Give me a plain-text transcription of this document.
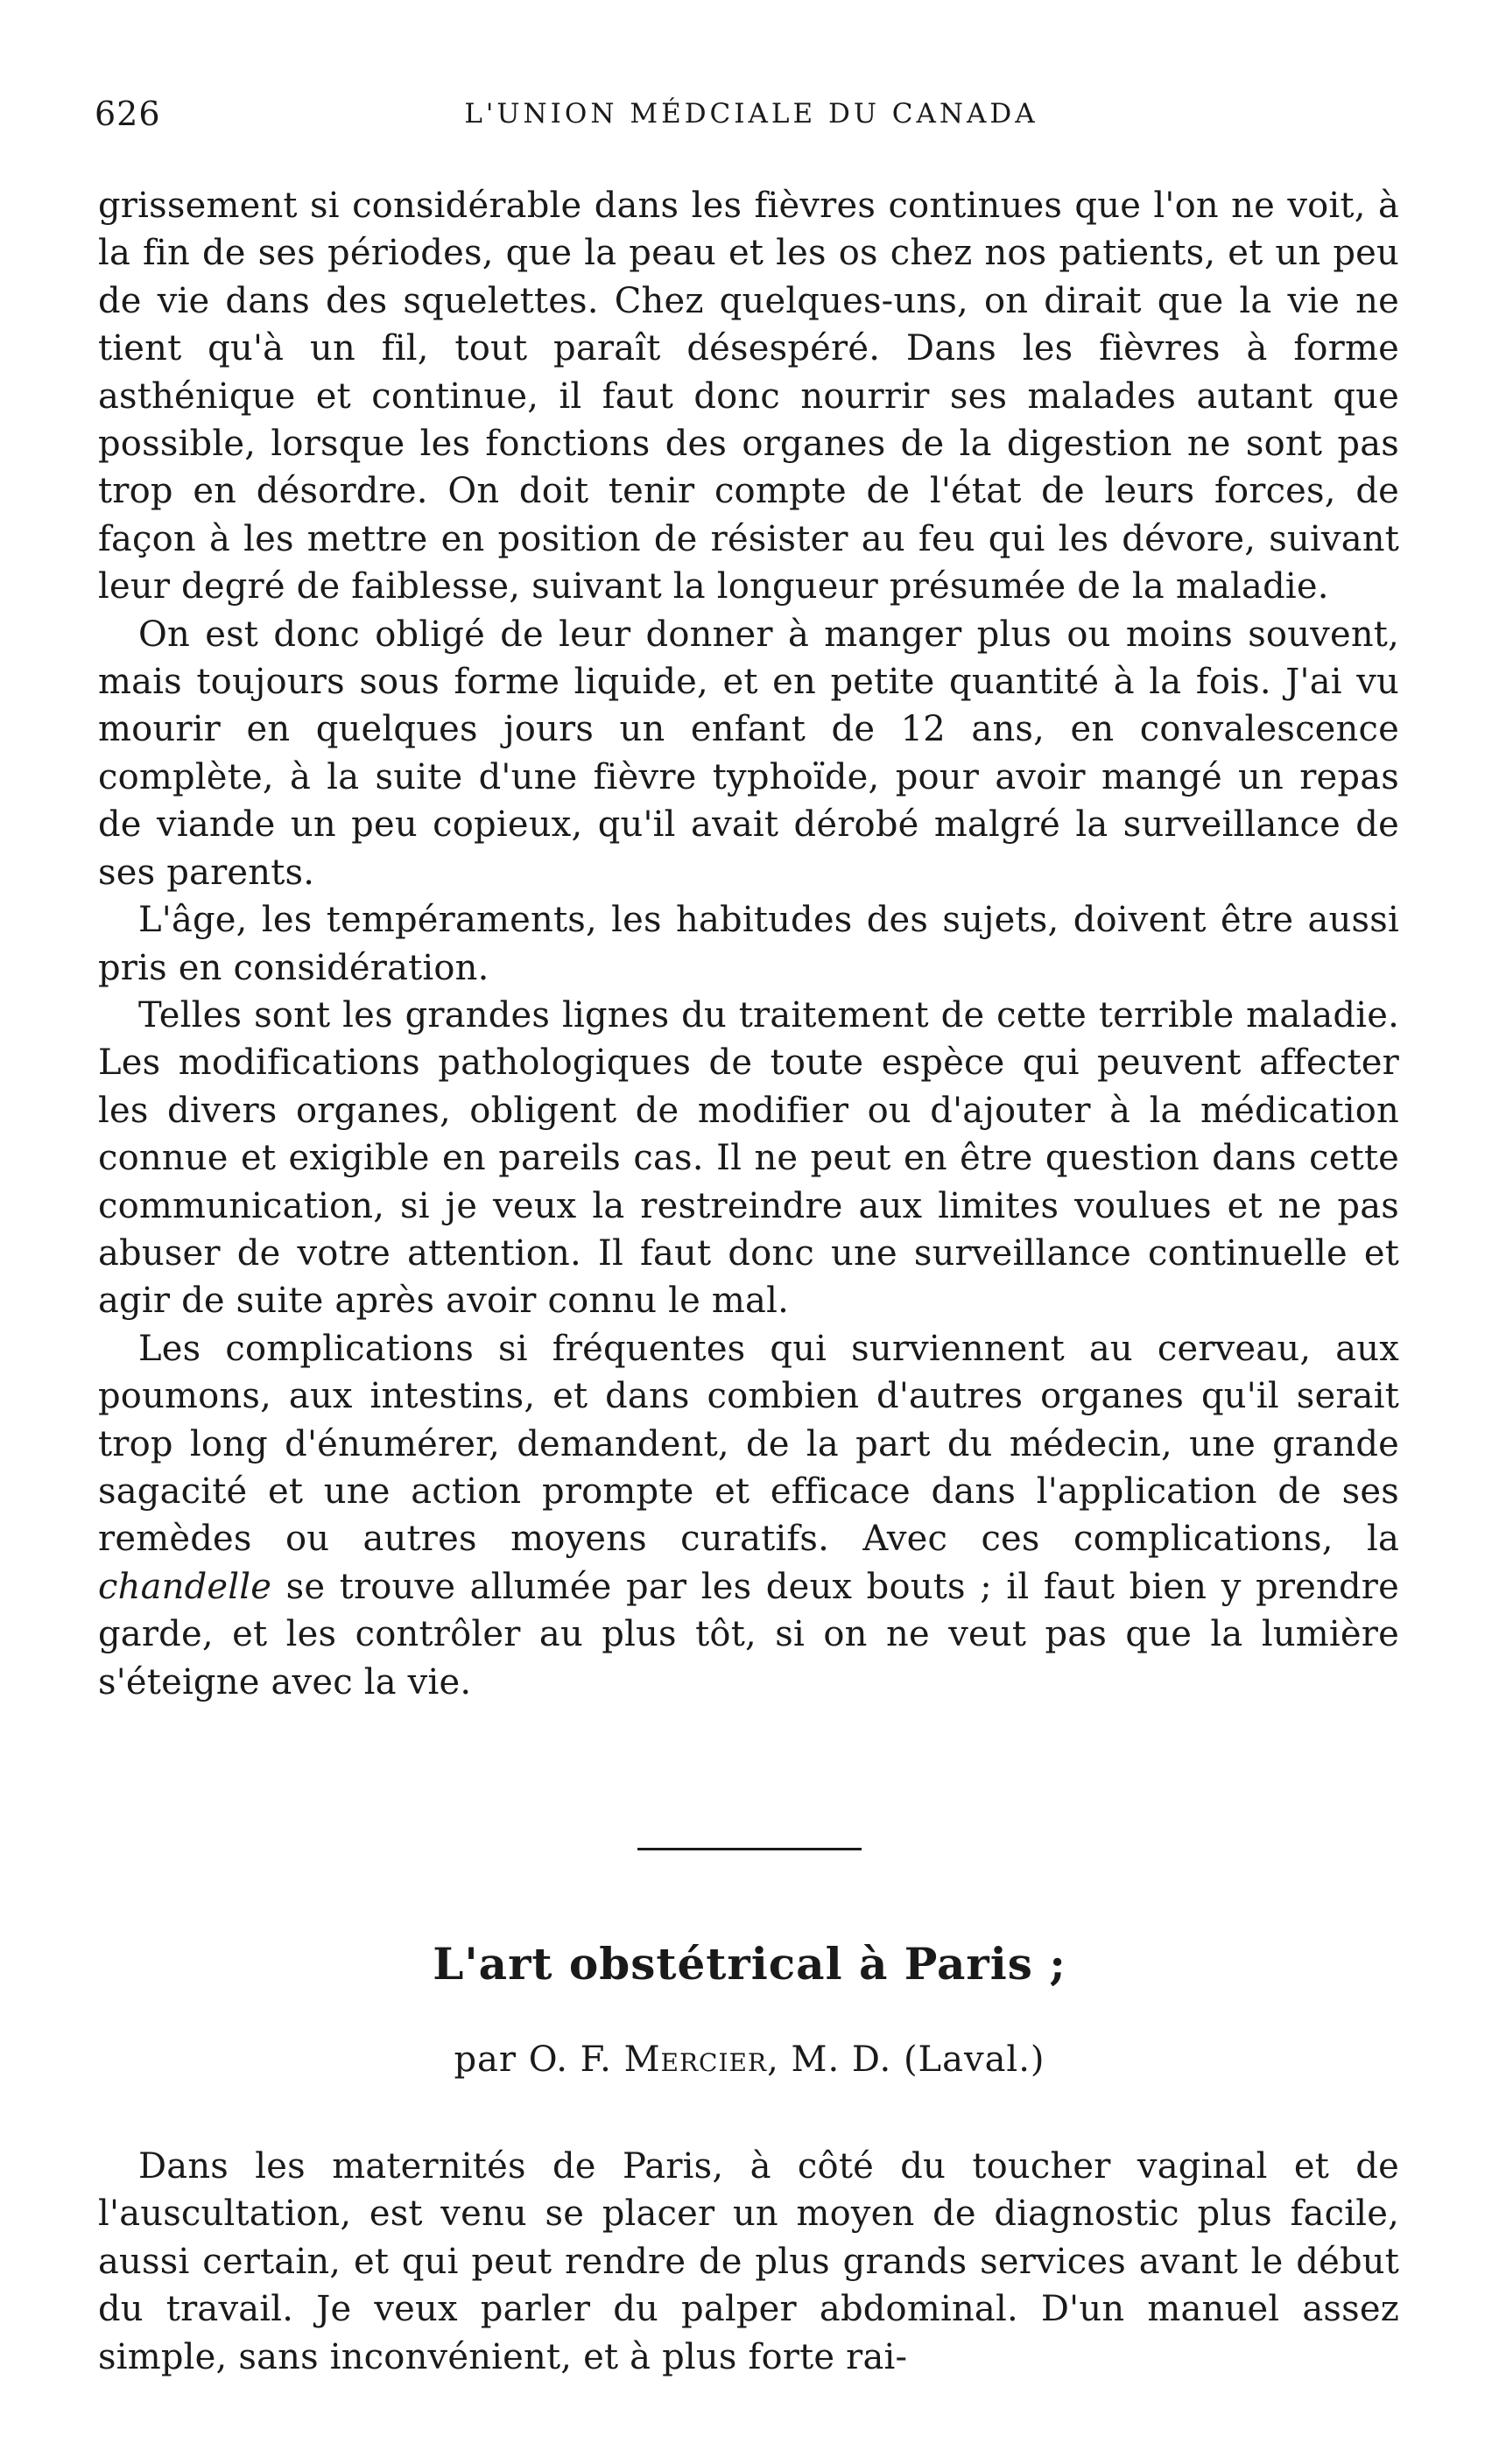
626	L'UNION MÉDCIALE DU CANADA

grissement si considérable dans les fièvres continues que l'on ne voit, à la fin de ses périodes, que la peau et les os chez nos patients, et un peu de vie dans des squelettes. Chez quelques-uns, on dirait que la vie ne tient qu'à un fil, tout paraît désespéré. Dans les fièvres à forme asthénique et continue, il faut donc nourrir ses malades autant que possible, lorsque les fonctions des organes de la digestion ne sont pas trop en désordre. On doit tenir compte de l'état de leurs forces, de façon à les mettre en position de résister au feu qui les dévore, suivant leur degré de faiblesse, suivant la longueur présumée de la maladie.

On est donc obligé de leur donner à manger plus ou moins souvent, mais toujours sous forme liquide, et en petite quantité à la fois. J'ai vu mourir en quelques jours un enfant de 12 ans, en convalescence complète, à la suite d'une fièvre typhoïde, pour avoir mangé un repas de viande un peu copieux, qu'il avait dérobé malgré la surveillance de ses parents.

L'âge, les tempéraments, les habitudes des sujets, doivent être aussi pris en considération.

Telles sont les grandes lignes du traitement de cette terrible maladie. Les modifications pathologiques de toute espèce qui peuvent affecter les divers organes, obligent de modifier ou d'ajouter à la médication connue et exigible en pareils cas. Il ne peut en être question dans cette communication, si je veux la restreindre aux limites voulues et ne pas abuser de votre attention. Il faut donc une surveillance continuelle et agir de suite après avoir connu le mal.

Les complications si fréquentes qui surviennent au cerveau, aux poumons, aux intestins, et dans combien d'autres organes qu'il serait trop long d'énumérer, demandent, de la part du médecin, une grande sagacité et une action prompte et efficace dans l'application de ses remèdes ou autres moyens curatifs. Avec ces complications, la chandelle se trouve allumée par les deux bouts ; il faut bien y prendre garde, et les contrôler au plus tôt, si on ne veut pas que la lumière s'éteigne avec la vie.

L'art obstétrical à Paris ;
par O. F. Mercier, M. D. (Laval.)

Dans les maternités de Paris, à côté du toucher vaginal et de l'auscultation, est venu se placer un moyen de diagnostic plus facile, aussi certain, et qui peut rendre de plus grands services avant le début du travail. Je veux parler du palper abdominal. D'un manuel assez simple, sans inconvénient, et à plus forte rai-
